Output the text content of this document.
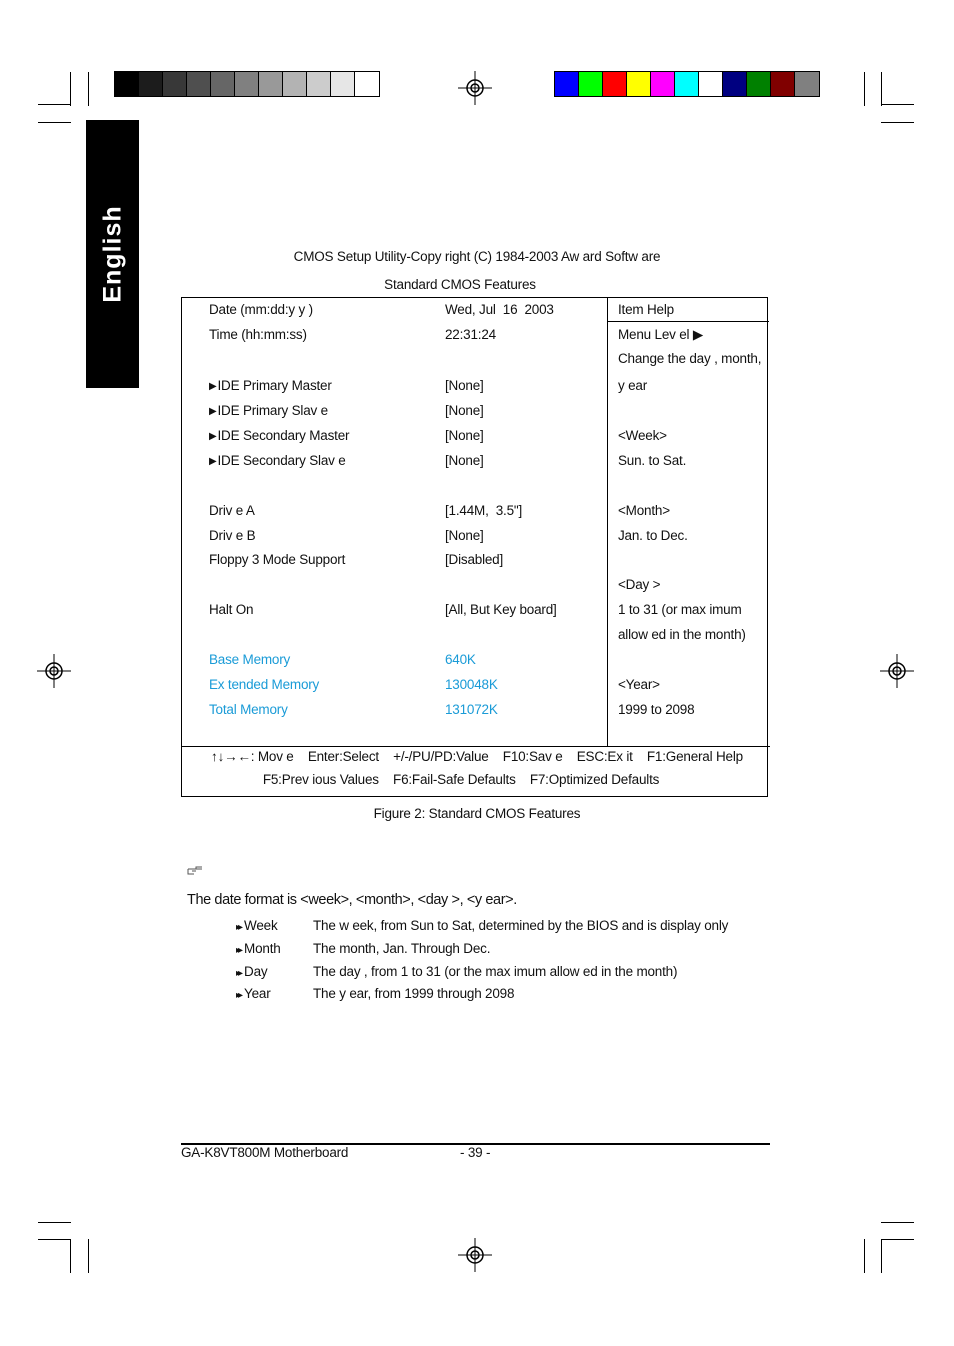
English	CMOS Setup Utility-Copy right (C) 1984-2003 Aw ard Softw are
Standard CMOS Features
Date (mm:dd:y y )	Wed, Jul  16  2003
Time (hh:mm:ss)	22:31:24
▶IDE Primary Master	[None]
▶IDE Primary Slav e	[None]
▶IDE Secondary Master	[None]
▶IDE Secondary Slav e	[None]
Driv e A	[1.44M,  3.5"]
Driv e B	[None]
Floppy 3 Mode Support	[Disabled]
Halt On	[All, But Key board]
Base Memory	640K
Ex tended Memory	130048K
Total Memory	131072K
Item Help
Menu Lev el ▶
Change the day , month,
y ear
<Week>
Sun. to Sat.
<Month>
Jan. to Dec.
<Day >
1 to 31 (or max imum
allow ed in the month)
<Year>
1999 to 2098
↑↓→←: Mov e    Enter:Select    +/-/PU/PD:Value    F10:Sav e    ESC:Ex it    F1:General Help
F5:Prev ious Values    F6:Fail-Safe Defaults    F7:Optimized Defaults
Figure 2: Standard CMOS Features
The date format is <week>, <month>, <day >, <y ear>.
▸▸ Week	The w eek, from Sun to Sat, determined by the BIOS and is display only
▸▸ Month The month, Jan. Through Dec.
▸▸ Day	The day , from 1 to 31 (or the max imum allow ed in the month)
▸▸ Year	The y ear, from 1999 through 2098
GA-K8VT800M Motherboard	- 39 -
